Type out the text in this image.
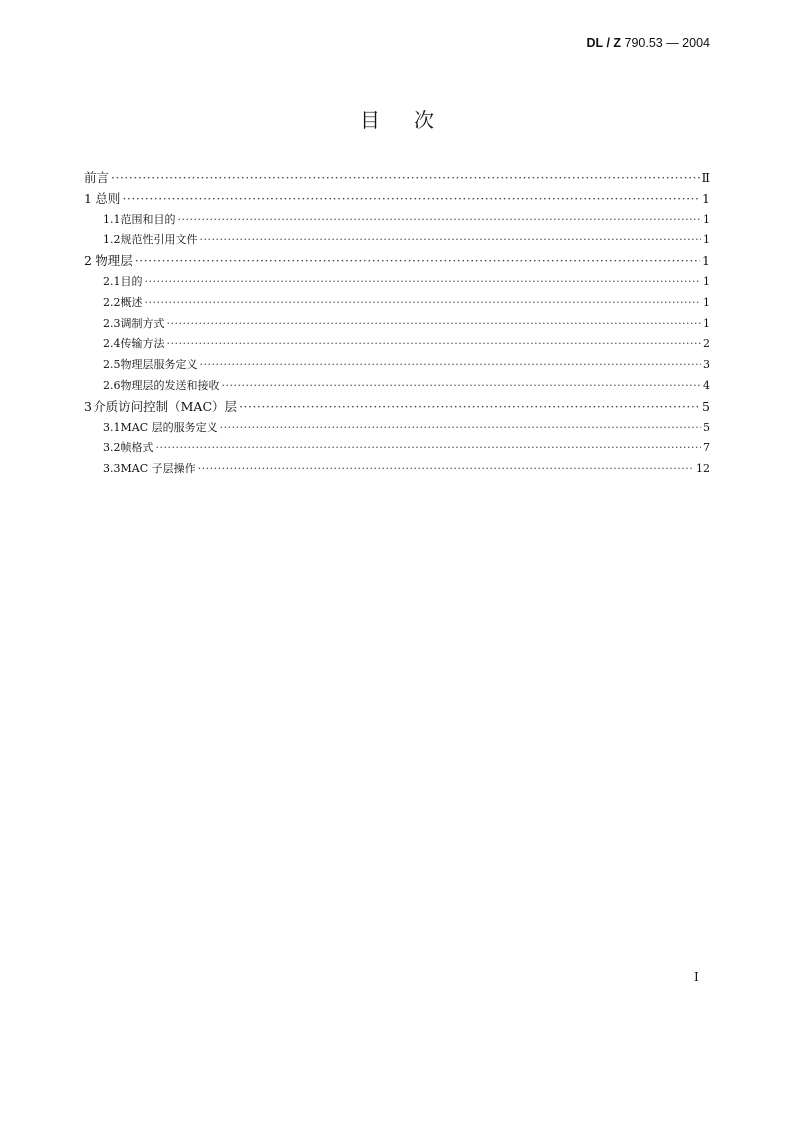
DL / Z 790.53 — 2004
目次
前言 ·····	Ⅱ
1 总则 ·····	1
1.1 范围和目的 ·····	1
1.2 规范性引用文件 ·····	1
2 物理层 ·····	1
2.1 目的 ·····	1
2.2 概述 ·····	1
2.3 调制方式 ·····	1
2.4 传输方法 ·····	2
2.5 物理层服务定义 ·····	3
2.6 物理层的发送和接收 ·····	4
3 介质访问控制（MAC）层 ·····	5
3.1 MAC 层的服务定义 ·····	5
3.2 帧格式 ·····	7
3.3 MAC 子层操作 ·····	12
I
